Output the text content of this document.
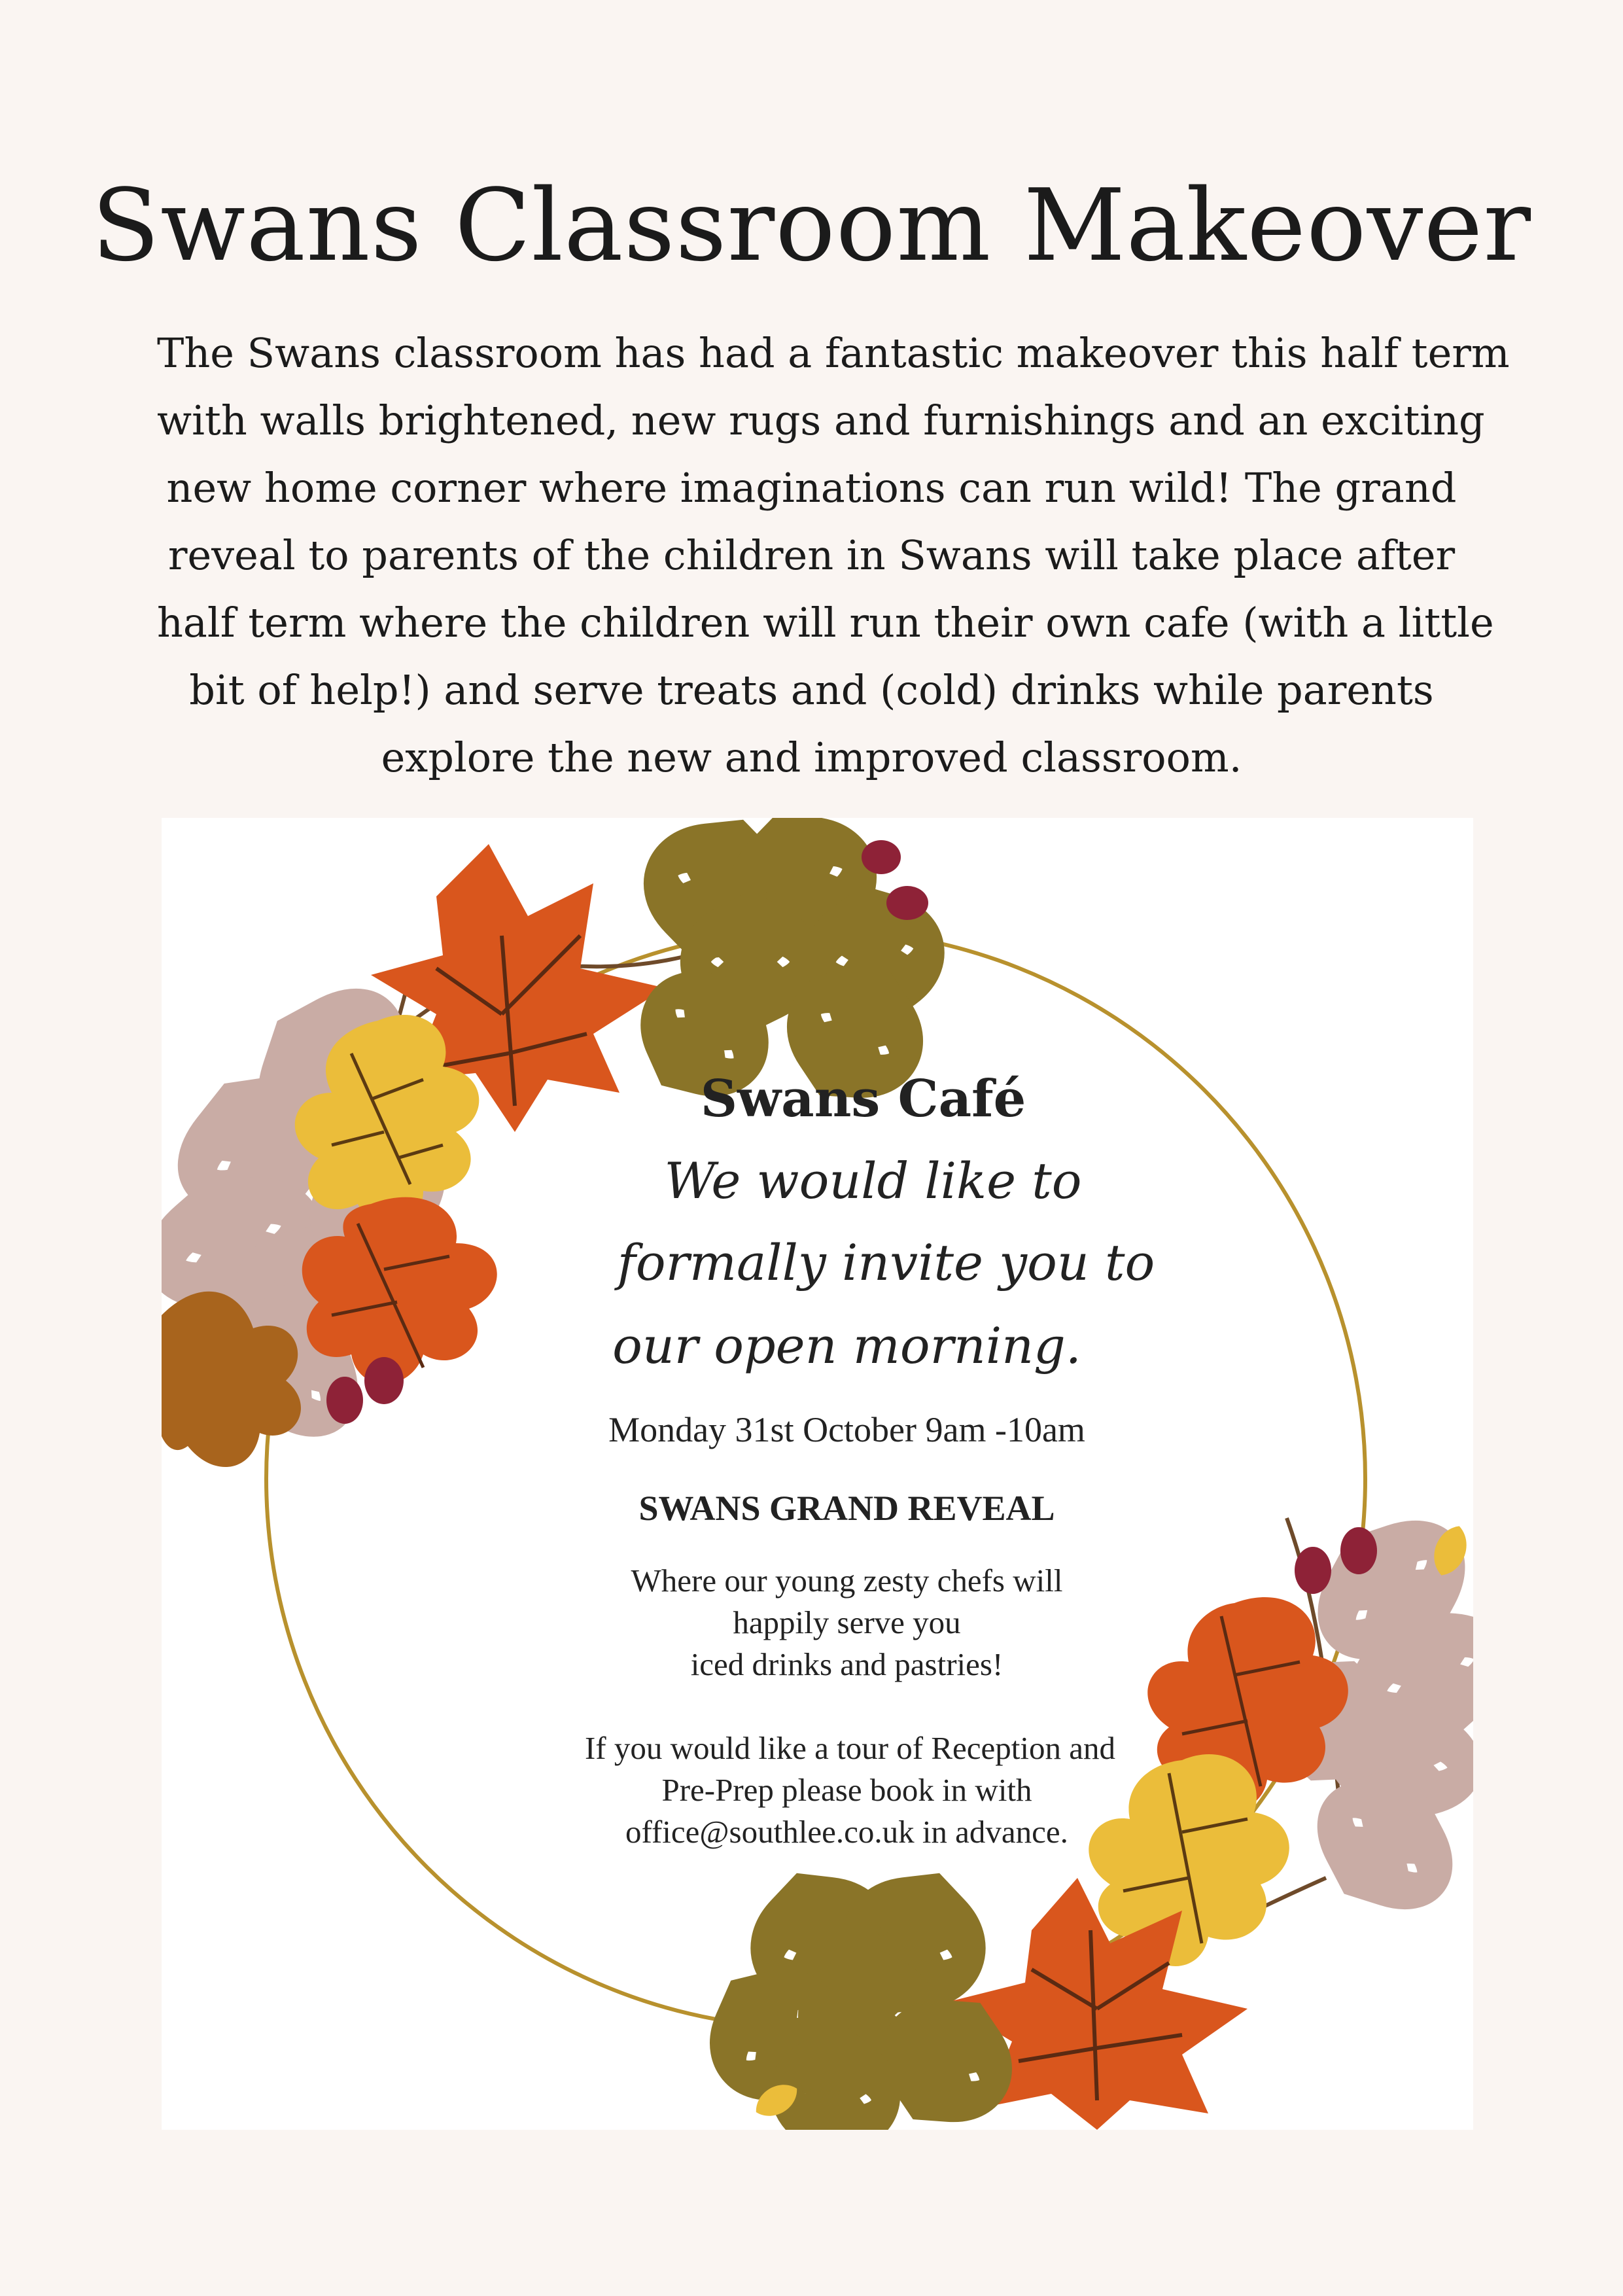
Swans Classroom Makeover
The Swans classroom has had a fantastic makeover this half term
with walls brightened, new rugs and furnishings and an exciting
new home corner where imaginations can run wild! The grand
reveal to parents of the children in Swans will take place after
half term where the children will run their own cafe (with a little
bit of help!) and serve treats and (cold) drinks while parents
explore the new and improved classroom.
Swans Café
We would like to
formally invite you to
our open morning.
Monday 31st October 9am -10am
SWANS GRAND REVEAL
Where our young zesty chefs will
happily serve you
iced drinks and pastries!
If you would like a tour of Reception and
Pre-Prep please book in with
office@southlee.co.uk in advance.
